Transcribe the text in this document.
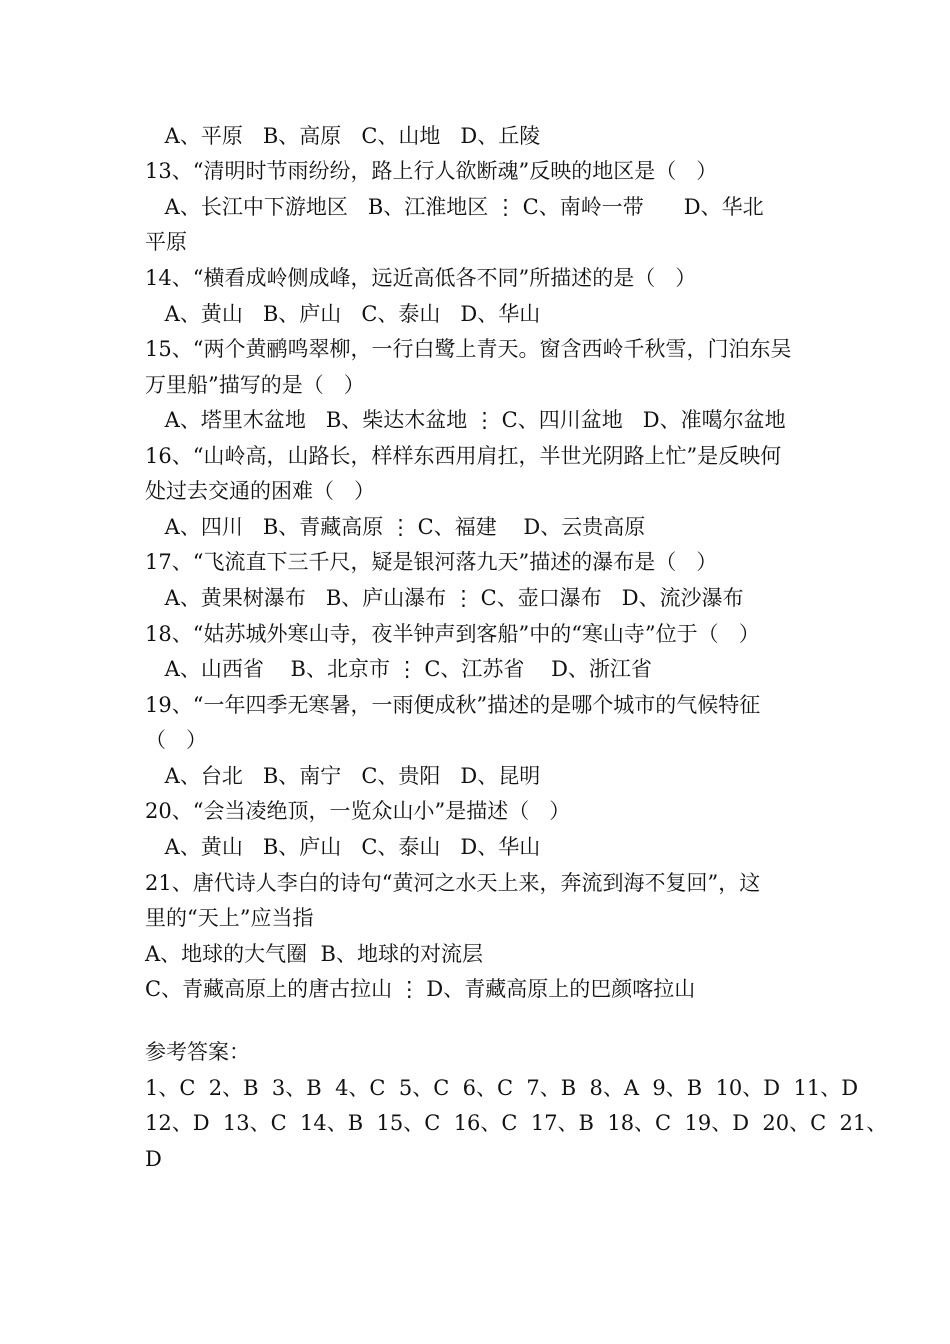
A、平原   B、高原   C、山地   D、丘陵
13、“清明时节雨纷纷，路上行人欲断魂”反映的地区是（   ）
A、长江中下游地区   B、江淮地区 ⋮ C、南岭一带      D、华北
平原
14、“横看成岭侧成峰，远近高低各不同”所描述的是（   ）
A、黄山   B、庐山   C、泰山   D、华山
15、“两个黄鹂鸣翠柳，一行白鹭上青天。窗含西岭千秋雪，门泊东吴
万里船”描写的是（   ）
A、塔里木盆地   B、柴达木盆地 ⋮ C、四川盆地   D、准噶尔盆地
16、“山岭高，山路长，样样东西用肩扛，半世光阴路上忙”是反映何
处过去交通的困难（   ）
A、四川   B、青藏高原 ⋮ C、福建    D、云贵高原
17、“飞流直下三千尺，疑是银河落九天”描述的瀑布是（   ）
A、黄果树瀑布   B、庐山瀑布 ⋮ C、壶口瀑布   D、流沙瀑布
18、“姑苏城外寒山寺，夜半钟声到客船”中的“寒山寺”位于（   ）
A、山西省    B、北京市 ⋮ C、江苏省    D、浙江省
19、“一年四季无寒暑，一雨便成秋”描述的是哪个城市的气候特征
（   ）
A、台北   B、南宁   C、贵阳   D、昆明
20、“会当凌绝顶，一览众山小”是描述（   ）
A、黄山   B、庐山   C、泰山   D、华山
21、唐代诗人李白的诗句“黄河之水天上来，奔流到海不复回”，这
里的“天上”应当指
A、地球的大气圈  B、地球的对流层
C、青藏高原上的唐古拉山 ⋮ D、青藏高原上的巴颜喀拉山
参考答案：
1、C  2、B  3、B  4、C  5、C  6、C  7、B  8、A  9、B  10、D  11、D
12、D  13、C  14、B  15、C  16、C  17、B  18、C  19、D  20、C  21、
D
